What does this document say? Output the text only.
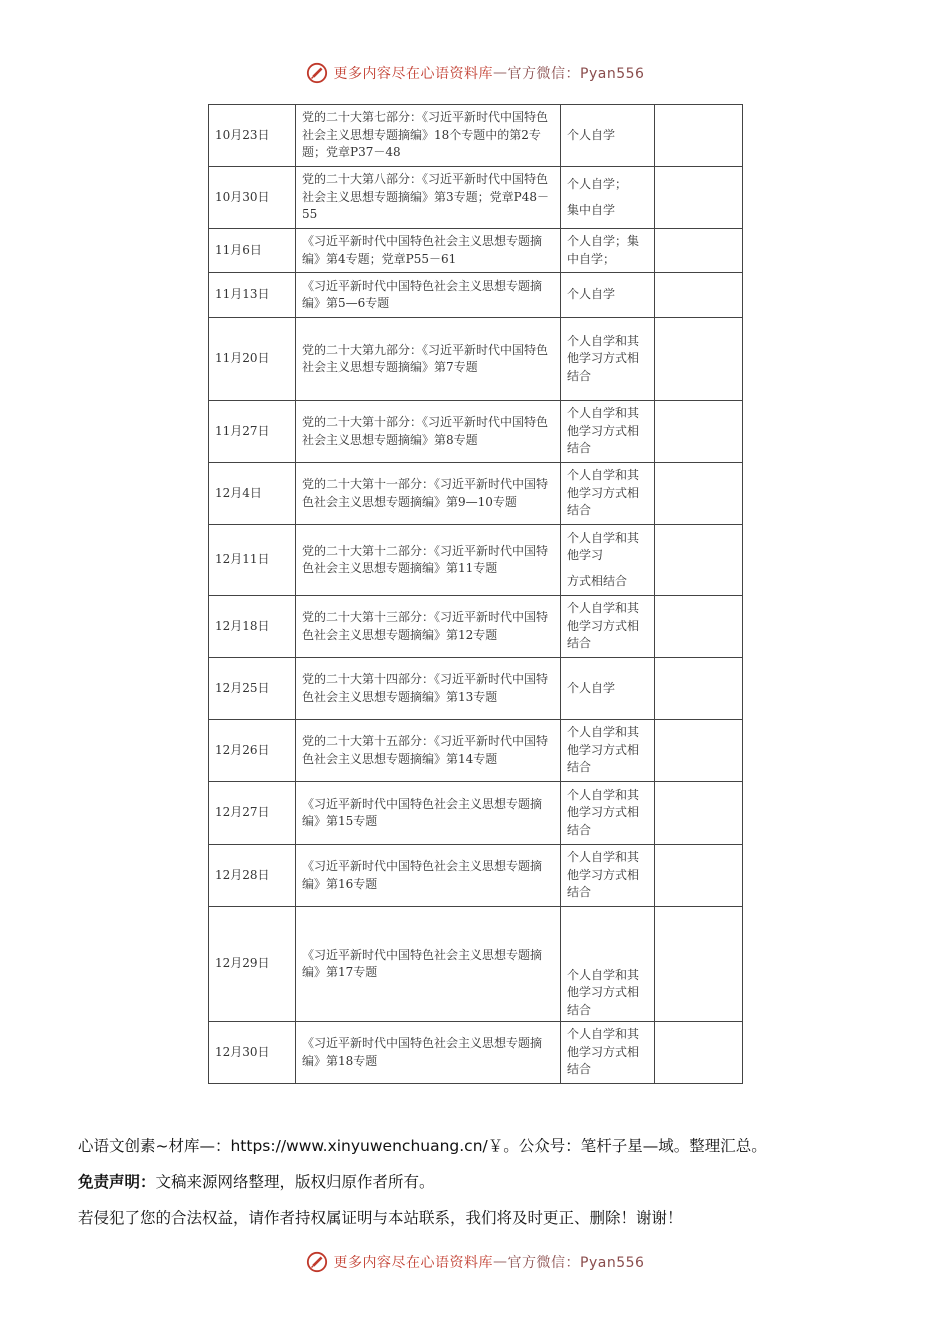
更多内容尽在心语资料库 — 官方微信：Pyan556
10月23日	党的二十大第七部分：《习近平新时代中国特色社会主义思想专题摘编》18个专题中的第2专题；党章P37－48	个人自学	

10月30日	党的二十大第八部分：《习近平新时代中国特色社会主义思想专题摘编》第3专题；党章P48－55	个人自学；
集中自学	

11月6日	《习近平新时代中国特色社会主义思想专题摘编》第4专题；党章P55－61	个人自学；集中自学；	

11月13日	《习近平新时代中国特色社会主义思想专题摘编》第5—6专题	个人自学	

11月20日	党的二十大第九部分：《习近平新时代中国特色社会主义思想专题摘编》第7专题	个人自学和其他学习方式相结合	

11月27日	党的二十大第十部分：《习近平新时代中国特色社会主义思想专题摘编》第8专题	个人自学和其他学习方式相结合	

12月4日	党的二十大第十一部分：《习近平新时代中国特色社会主义思想专题摘编》第9—10专题	个人自学和其他学习方式相结合	

12月11日	党的二十大第十二部分：《习近平新时代中国特色社会主义思想专题摘编》第11专题	个人自学和其他学习
方式相结合	

12月18日	党的二十大第十三部分：《习近平新时代中国特色社会主义思想专题摘编》第12专题	个人自学和其他学习方式相结合	

12月25日	党的二十大第十四部分：《习近平新时代中国特色社会主义思想专题摘编》第13专题	个人自学	

12月26日	党的二十大第十五部分：《习近平新时代中国特色社会主义思想专题摘编》第14专题	个人自学和其他学习方式相结合	

12月27日	《习近平新时代中国特色社会主义思想专题摘编》第15专题	个人自学和其他学习方式相结合	

12月28日	《习近平新时代中国特色社会主义思想专题摘编》第16专题	个人自学和其他学习方式相结合	

12月29日	《习近平新时代中国特色社会主义思想专题摘编》第17专题	个人自学和其他学习方式相结合	

12月30日	《习近平新时代中国特色社会主义思想专题摘编》第18专题	个人自学和其他学习方式相结合	

心语文创素~材库—：https://www.xinyuwenchuang.cn/￥。公众号：笔杆子星—域。整理汇总。
免责声明：文稿来源网络整理，版权归原作者所有。
若侵犯了您的合法权益，请作者持权属证明与本站联系，我们将及时更正、删除！谢谢！
更多内容尽在心语资料库 — 官方微信：Pyan556
